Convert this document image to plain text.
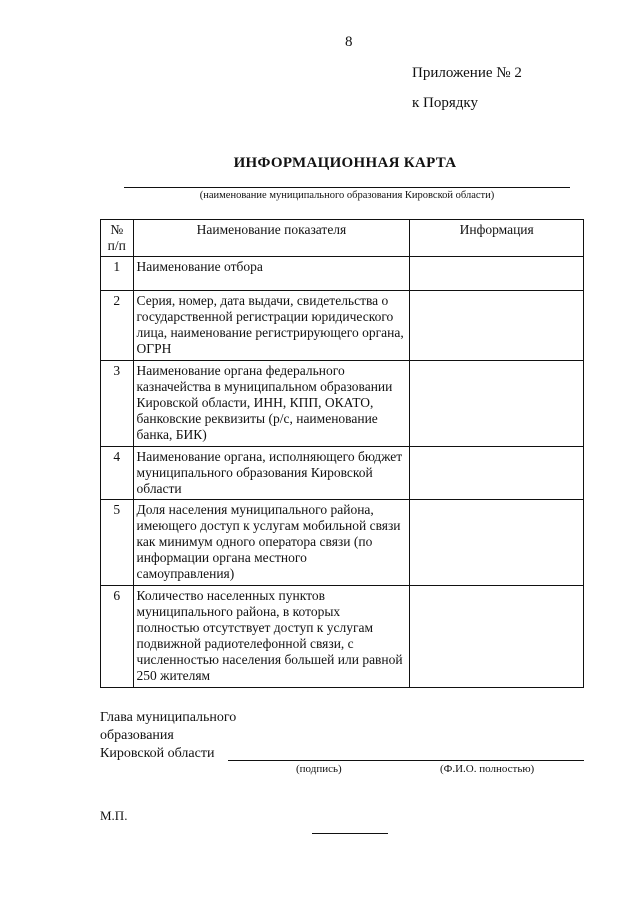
8
Приложение № 2
к Порядку
ИНФОРМАЦИОННАЯ КАРТА
(наименование муниципального образования Кировской области)
№
п/п	Наименование показателя	Информация
1	Наименование отбора	
2	Серия, номер, дата выдачи, свидетельства о государственной регистрации юридического лица, наименование регистрирующего органа, ОГРН	
3	Наименование органа федерального казначейства в муниципальном образовании Кировской области, ИНН, КПП, ОКАТО, банковские реквизиты (р/с, наименование банка, БИК)	
4	Наименование органа, исполняющего бюджет муниципального образования Кировской области	
5	Доля населения муниципального района, имеющего доступ к услугам мобильной связи как минимум одного оператора связи (по информации органа местного самоуправления)	
6	Количество населенных пунктов муниципального района, в которых полностью отсутствует доступ к услугам подвижной радиотелефонной связи, с численностью населения большей или равной 250 жителям	
Глава муниципального
образования
Кировской области
(подпись)	(Ф.И.О. полностью)
М.П.
